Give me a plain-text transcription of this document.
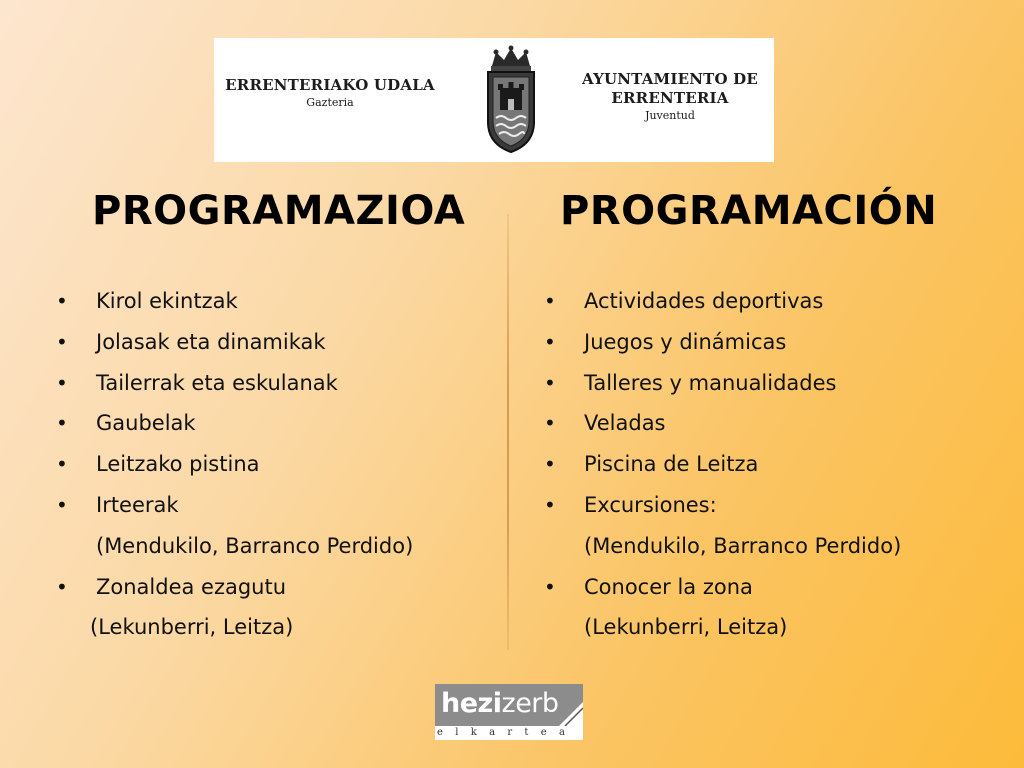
ERRENTERIAKO UDALA
Gazteria
AYUNTAMIENTO DE
ERRENTERIA
Juventud
PROGRAMAZIOA PROGRAMACIÓN
•	Kirol ekintzak
•	Jolasak eta dinamikak
•	Tailerrak eta eskulanak
•	Gaubelak
•	Leitzako pistina
•	Irteerak
(Mendukilo, Barranco Perdido)
•	Zonaldea ezagutu
(Lekunberri, Leitza)
•	Actividades deportivas
•	Juegos y dinámicas
•	Talleres y manualidades
•	Veladas
•	Piscina de Leitza
•	Excursiones:
(Mendukilo, Barranco Perdido)
•	Conocer la zona
(Lekunberri, Leitza)
hezizerb
elkartea
